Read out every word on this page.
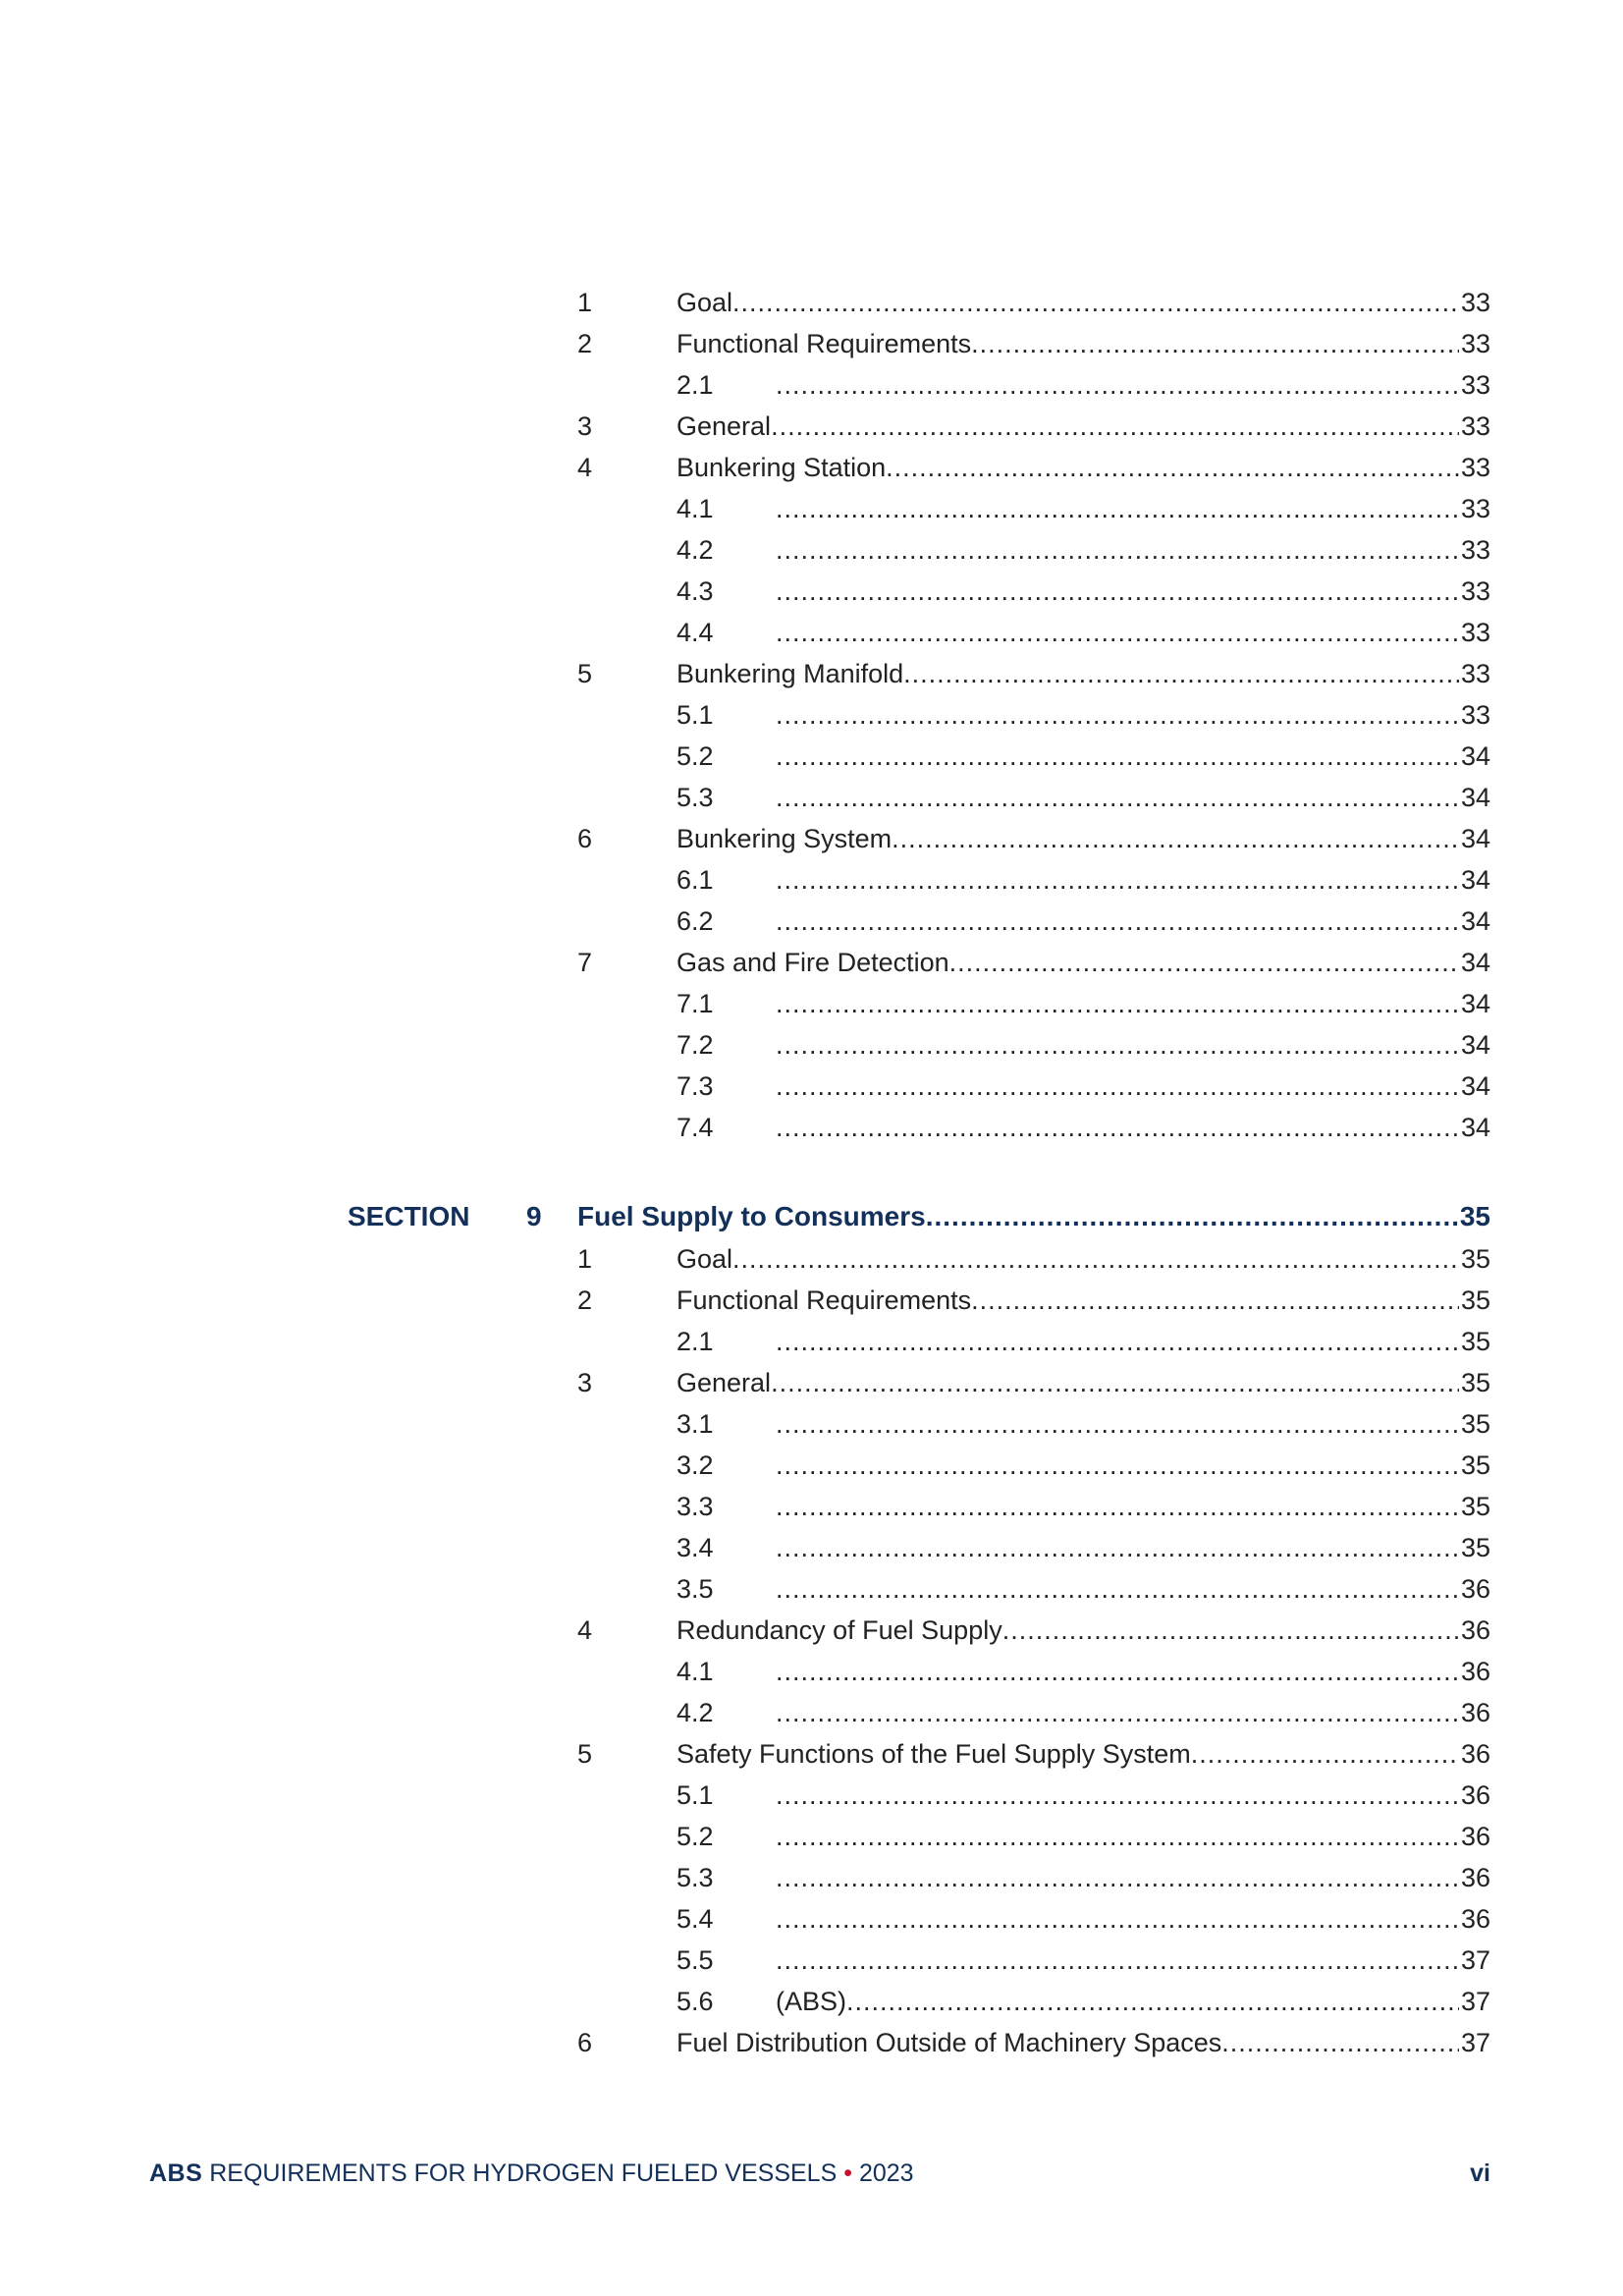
1	Goal .....	33
2	Functional Requirements .....	33
2.1 .....	33
3	General .....	33
4	Bunkering Station .....	33
4.1 .....	33
4.2 .....	33
4.3 .....	33
4.4 .....	33
5	Bunkering Manifold .....	33
5.1 .....	33
5.2 .....	34
5.3 .....	34
6	Bunkering System .....	34
6.1 .....	34
6.2 .....	34
7	Gas and Fire Detection .....	34
7.1 .....	34
7.2 .....	34
7.3 .....	34
7.4 .....	34
SECTION 9 Fuel Supply to Consumers .....	35
1	Goal .....	35
2	Functional Requirements .....	35
2.1 .....	35
3	General .....	35
3.1 .....	35
3.2 .....	35
3.3 .....	35
3.4 .....	35
3.5 .....	36
4	Redundancy of Fuel Supply .....	36
4.1 .....	36
4.2 .....	36
5	Safety Functions of the Fuel Supply System .....	36
5.1 .....	36
5.2 .....	36
5.3 .....	36
5.4 .....	36
5.5 .....	37
5.6 (ABS) .....	37
6	Fuel Distribution Outside of Machinery Spaces .....	37
ABS REQUIREMENTS FOR HYDROGEN FUELED VESSELS • 2023	vi
